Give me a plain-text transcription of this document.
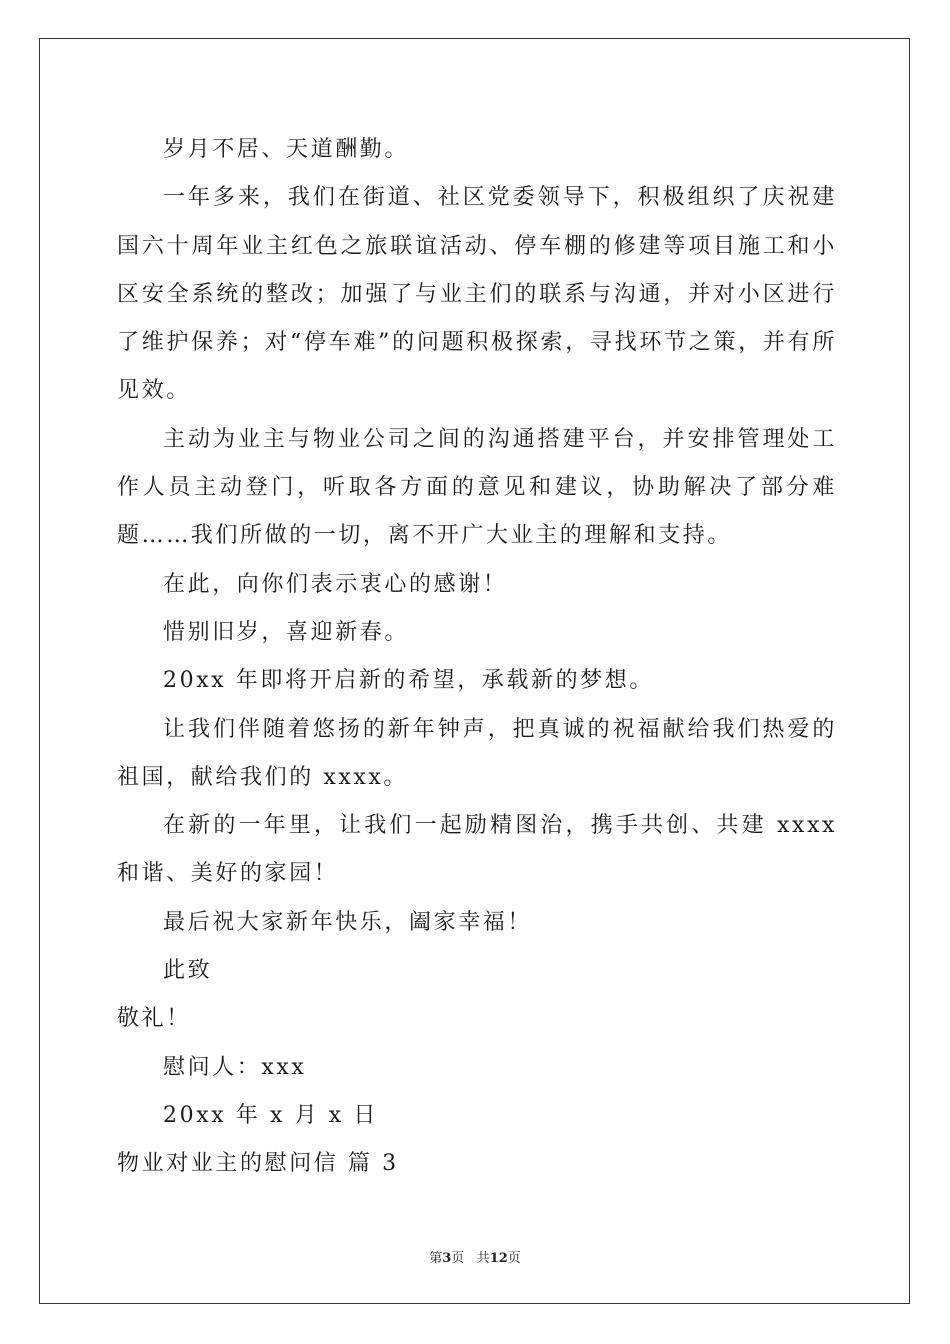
岁月不居、天道酬勤。

一年多来，我们在街道、社区党委领导下，积极组织了庆祝建国六十周年业主红色之旅联谊活动、停车棚的修建等项目施工和小区安全系统的整改；加强了与业主们的联系与沟通，并对小区进行了维护保养；对“停车难”的问题积极探索，寻找环节之策，并有所见效。

主动为业主与物业公司之间的沟通搭建平台，并安排管理处工作人员主动登门，听取各方面的意见和建议，协助解决了部分难题……我们所做的一切，离不开广大业主的理解和支持。

在此，向你们表示衷心的感谢！

惜别旧岁，喜迎新春。

20xx 年即将开启新的希望，承载新的梦想。

让我们伴随着悠扬的新年钟声，把真诚的祝福献给我们热爱的祖国，献给我们的 xxxx。

在新的一年里，让我们一起励精图治，携手共创、共建 xxxx 和谐、美好的家园！

最后祝大家新年快乐，阖家幸福！

此致

敬礼！

慰问人：xxx

20xx 年 x 月 x 日

物业对业主的慰问信 篇 3

第3页 共12页
